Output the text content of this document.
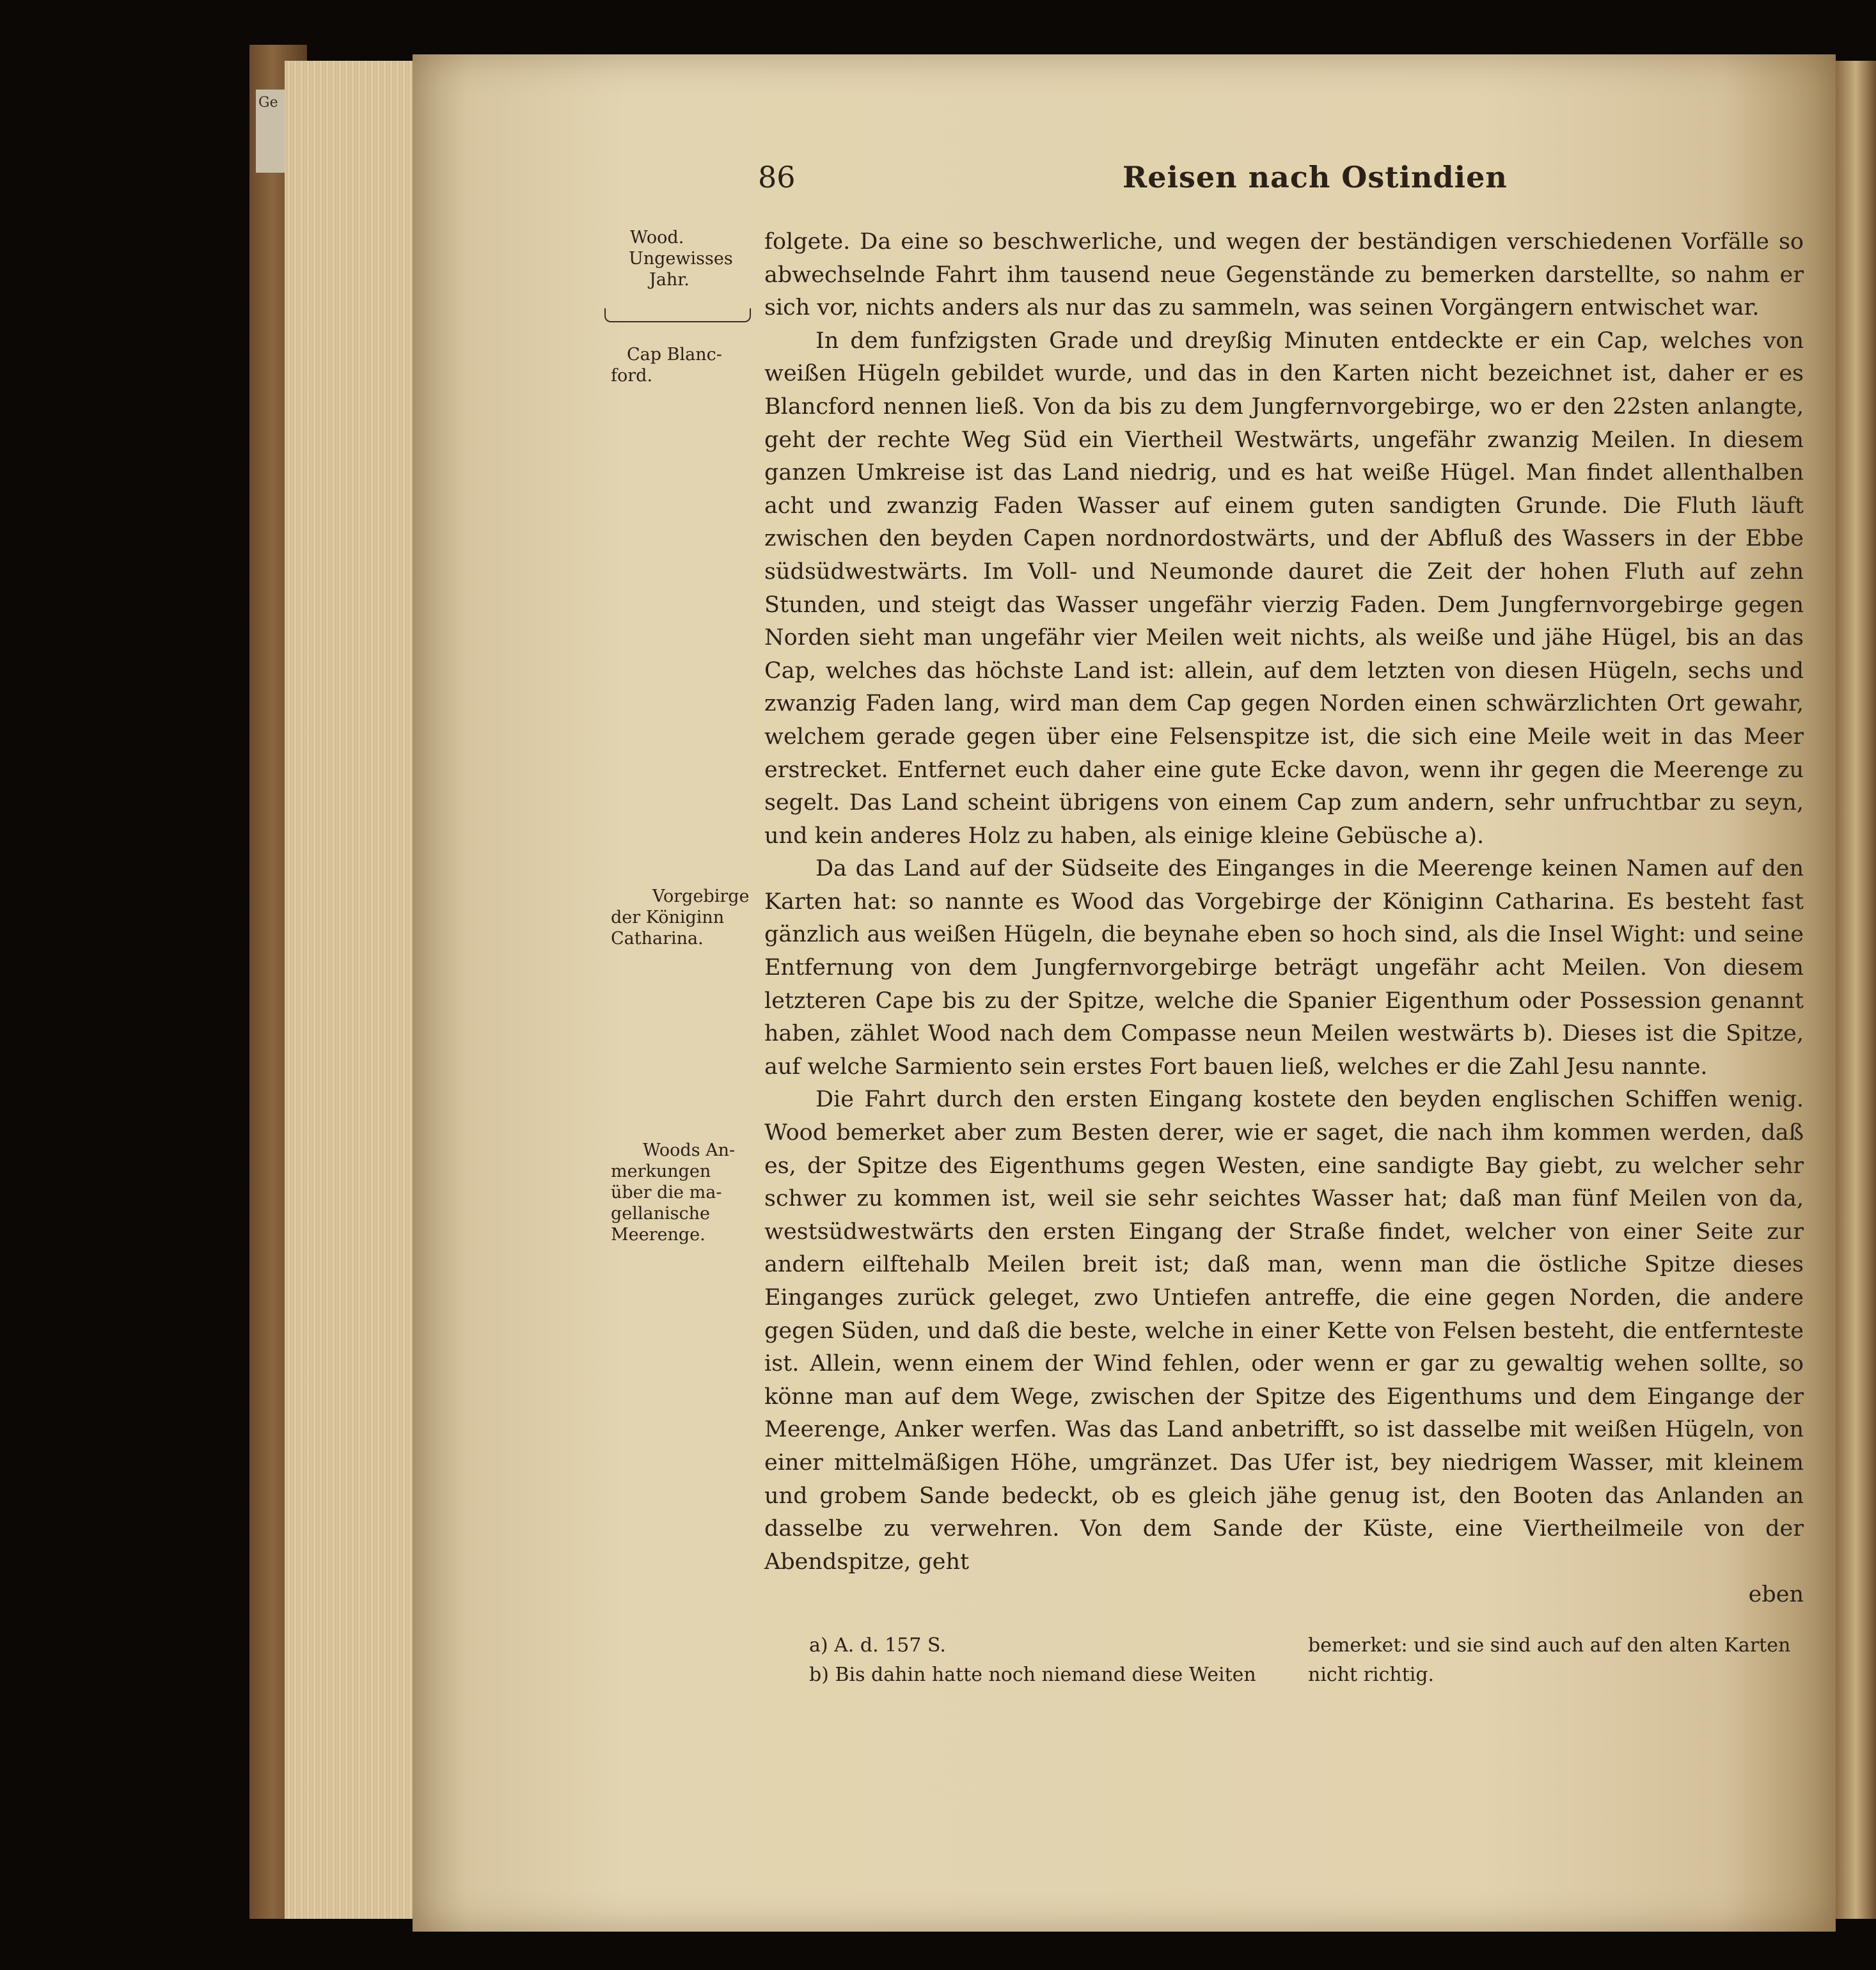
Ge
86	Reisen nach Ostindien
Wood.
Ungewisses
Jahr.
Cap Blanc-
ford.
Vorgebirge
der Königinn
Catharina.
Woods An-
merkungen
über die ma-
gellanische
Meerenge.

folgete. Da eine so beschwerliche, und wegen der beständigen verschiedenen Vorfälle so abwechselnde Fahrt ihm tausend neue Gegenstände zu bemerken darstellte, so nahm er sich vor, nichts anders als nur das zu sammeln, was seinen Vorgängern entwischet war.

In dem funfzigsten Grade und dreyßig Minuten entdeckte er ein Cap, welches von weißen Hügeln gebildet wurde, und das in den Karten nicht bezeichnet ist, daher er es Blancford nennen ließ. Von da bis zu dem Jungfernvorgebirge, wo er den 22sten anlangte, geht der rechte Weg Süd ein Viertheil Westwärts, ungefähr zwanzig Meilen. In diesem ganzen Umkreise ist das Land niedrig, und es hat weiße Hügel. Man findet allenthalben acht und zwanzig Faden Wasser auf einem guten sandigten Grunde. Die Fluth läuft zwischen den beyden Capen nordnordostwärts, und der Abfluß des Wassers in der Ebbe südsüdwestwärts. Im Voll- und Neumonde dauret die Zeit der hohen Fluth auf zehn Stunden, und steigt das Wasser ungefähr vierzig Faden. Dem Jungfernvorgebirge gegen Norden sieht man ungefähr vier Meilen weit nichts, als weiße und jähe Hügel, bis an das Cap, welches das höchste Land ist: allein, auf dem letzten von diesen Hügeln, sechs und zwanzig Faden lang, wird man dem Cap gegen Norden einen schwärzlichten Ort gewahr, welchem gerade gegen über eine Felsenspitze ist, die sich eine Meile weit in das Meer erstrecket. Entfernet euch daher eine gute Ecke davon, wenn ihr gegen die Meerenge zu segelt. Das Land scheint übrigens von einem Cap zum andern, sehr unfruchtbar zu seyn, und kein anderes Holz zu haben, als einige kleine Gebüsche a).

Da das Land auf der Südseite des Einganges in die Meerenge keinen Namen auf den Karten hat: so nannte es Wood das Vorgebirge der Königinn Catharina. Es besteht fast gänzlich aus weißen Hügeln, die beynahe eben so hoch sind, als die Insel Wight: und seine Entfernung von dem Jungfernvorgebirge beträgt ungefähr acht Meilen. Von diesem letzteren Cape bis zu der Spitze, welche die Spanier Eigenthum oder Possession genannt haben, zählet Wood nach dem Compasse neun Meilen westwärts b). Dieses ist die Spitze, auf welche Sarmiento sein erstes Fort bauen ließ, welches er die Zahl Jesu nannte.

Die Fahrt durch den ersten Eingang kostete den beyden englischen Schiffen wenig. Wood bemerket aber zum Besten derer, wie er saget, die nach ihm kommen werden, daß es, der Spitze des Eigenthums gegen Westen, eine sandigte Bay giebt, zu welcher sehr schwer zu kommen ist, weil sie sehr seichtes Wasser hat; daß man fünf Meilen von da, westsüdwestwärts den ersten Eingang der Straße findet, welcher von einer Seite zur andern eilftehalb Meilen breit ist; daß man, wenn man die östliche Spitze dieses Einganges zurück geleget, zwo Untiefen antreffe, die eine gegen Norden, die andere gegen Süden, und daß die beste, welche in einer Kette von Felsen besteht, die entfernteste ist. Allein, wenn einem der Wind fehlen, oder wenn er gar zu gewaltig wehen sollte, so könne man auf dem Wege, zwischen der Spitze des Eigenthums und dem Eingange der Meerenge, Anker werfen. Was das Land anbetrifft, so ist dasselbe mit weißen Hügeln, von einer mittelmäßigen Höhe, umgränzet. Das Ufer ist, bey niedrigem Wasser, mit kleinem und grobem Sande bedeckt, ob es gleich jähe genug ist, den Booten das Anlanden an dasselbe zu verwehren. Von dem Sande der Küste, eine Viertheilmeile von der Abendspitze, geht

eben
a) A. d. 157 S.
b) Bis dahin hatte noch niemand diese Weiten
bemerket: und sie sind auch auf den alten Karten nicht richtig.
